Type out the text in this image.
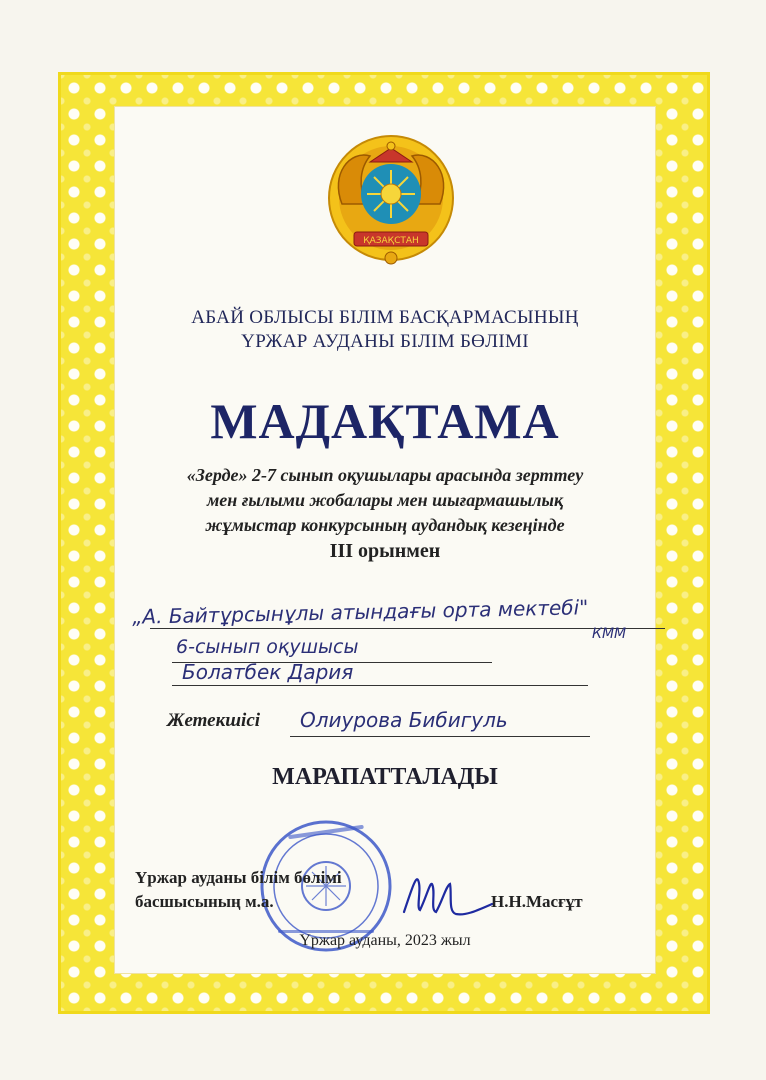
ҚАЗАҚСТАН
АБАЙ ОБЛЫСЫ БІЛІМ БАСҚАРМАСЫНЫҢ
ҮРЖАР АУДАНЫ БІЛІМ БӨЛІМІ
МАДАҚТАМА
«Зерде» 2-7 сынып оқушылары арасында зерттеу
мен ғылыми жобалары мен шығармашылық
жұмыстар конкурсының аудандық кезеңінде
III орынмен
„А. Байтұрсынұлы атындағы орта мектебі"
КММ
6-сынып оқушысы
Болатбек Дария
Жетекшісі Олиурова Бибигуль
МАРАПАТТАЛАДЫ
Үржар ауданы білім бөлімі
басшысының м.а.	Н.Н.Масғұт
Үржар ауданы, 2023 жыл
